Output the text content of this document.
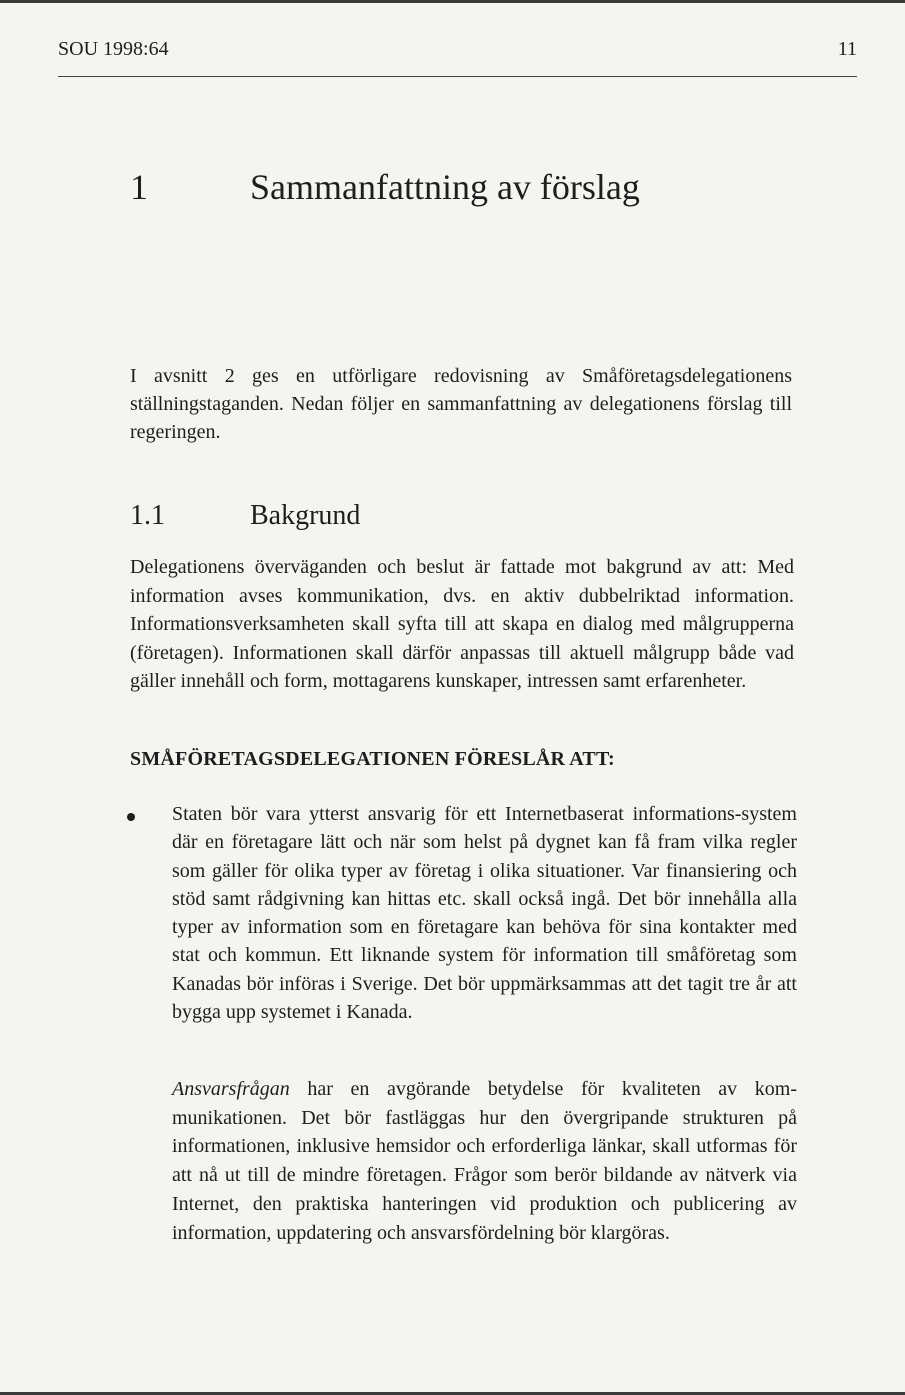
SOU 1998:64	11
1	Sammanfattning av förslag
I avsnitt 2 ges en utförligare redovisning av Småföretagsdelegationens ställningstaganden. Nedan följer en sammanfattning av delegationens förslag till regeringen.
1.1	Bakgrund
Delegationens överväganden och beslut är fattade mot bakgrund av att: Med information avses kommunikation, dvs. en aktiv dubbelriktad information. Informationsverksamheten skall syfta till att skapa en dialog med målgrupperna (företagen). Informationen skall därför anpassas till aktuell målgrupp både vad gäller innehåll och form, mottagarens kunskaper, intressen samt erfarenheter.
SMÅFÖRETAGSDELEGATIONEN FÖRESLÅR ATT:
Staten bör vara ytterst ansvarig för ett Internetbaserat informations-system där en företagare lätt och när som helst på dygnet kan få fram vilka regler som gäller för olika typer av företag i olika situationer. Var finansiering och stöd samt rådgivning kan hittas etc. skall också ingå. Det bör innehålla alla typer av information som en företagare kan behöva för sina kontakter med stat och kommun. Ett liknande system för information till småföretag som Kanadas bör införas i Sverige. Det bör uppmärksammas att det tagit tre år att bygga upp systemet i Kanada.
Ansvarsfrågan har en avgörande betydelse för kvaliteten av kom-munikationen. Det bör fastläggas hur den övergripande strukturen på informationen, inklusive hemsidor och erforderliga länkar, skall utformas för att nå ut till de mindre företagen. Frågor som berör bildande av nätverk via Internet, den praktiska hanteringen vid produktion och publicering av information, uppdatering och ansvarsfördelning bör klargöras.
